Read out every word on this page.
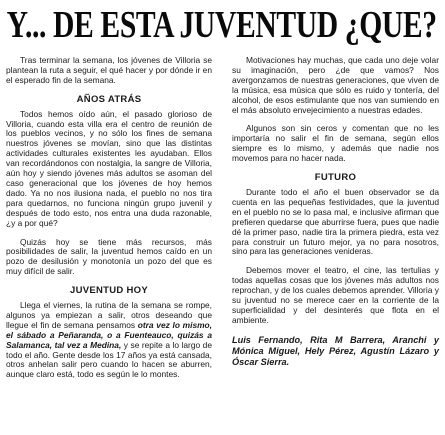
Y... DE ESTA JUVENTUD ¿QUE?

Tras terminar la semana, los jóvenes de Villoria se plantean la ruta a seguir, el qué hacer y por dónde ir en el esperado fin de la semana.

AÑOS ATRÁS

Todos hemos oído aún, el pasado glorioso de Villoria, cuando esta villa era el centro de reunión de los pueblos vecinos, y no sólo los fines de semana nuestros jóvenes se movían, sino que las distintas actividades culturales existentes les ayudaban. Ellos van recordándonos con nostalgia, la sangre de Villoria, aún hoy y siendo jóvenes más adultos se asoman del caso generacional que los jóvenes de hoy hemos dado. Ya no nos ilusiona nada, el pueblo no nos tira para quedarnos, no funciona ningún grupo juvenil y después de todo esto, nos entra una duda razonable, ¿y a por qué?

Quizás hoy se tiene más recursos, más posibilidades de salir, la juventud hemos caído en un pozo de desilusión y monotonía un pozo del que es muy difícil de salir.

JUVENTUD HOY

Llega el viernes, la rutina de la semana se rompe, algunos ya empiezan a salir, otros deseando que llegue el fin de semana pensamos otra vez lo mismo, el sábado a Peñaranda, o a Fuenteauco, quizás a Salamanca, tal vez a Medina, y se repite a lo largo de todo el año. Gente desde los 17 años ya está cansada, otros anhelan salir pero cuando lo hacen se aburren, aunque claro está, todo es según le lo montes.

Motivaciones hay muchas, que cada uno deje volar su imaginación, pero ¿de que vamos? Nos avergonzamos de nuestras generaciones, que viven de la música, esa música que sólo es ruido y tontería, del alcohol, de esos estimulante que nos van sumiendo en el más absoluto envejecimiento a nuestras edades.

Algunos son sin ceros y comentan que no les importaría no salir el fin de semana, según ellos siempre es lo mismo, y además que nadie nos movemos para no hacer nada.

FUTURO

Durante todo el año el buen observador se da cuenta en las pequeñas festividades, que la juventud en el pueblo no se lo pasa mal, e inclusive afirman que prefieren quedarse que aburrirse fuera, pues que nadie dé la primer paso, nadie tira la primera piedra, esta vez para construir un futuro mejor, ya no para nosotros, sino para las generaciones venideras.

Debemos mover el teatro, el cine, las tertulias y todas aquellas cosas que los jóvenes más adultos nos reprochan, y de los cuales debemos aprender. Villoria y su juventud no se merece caer en la corriente de la superficialidad y del desinterés que flota en el ambiente.

Luis Fernando, Rita M Barrera, Aranchi y Mónica Miguel, Hely Pérez, Agustín Lázaro y Óscar Sierra.
